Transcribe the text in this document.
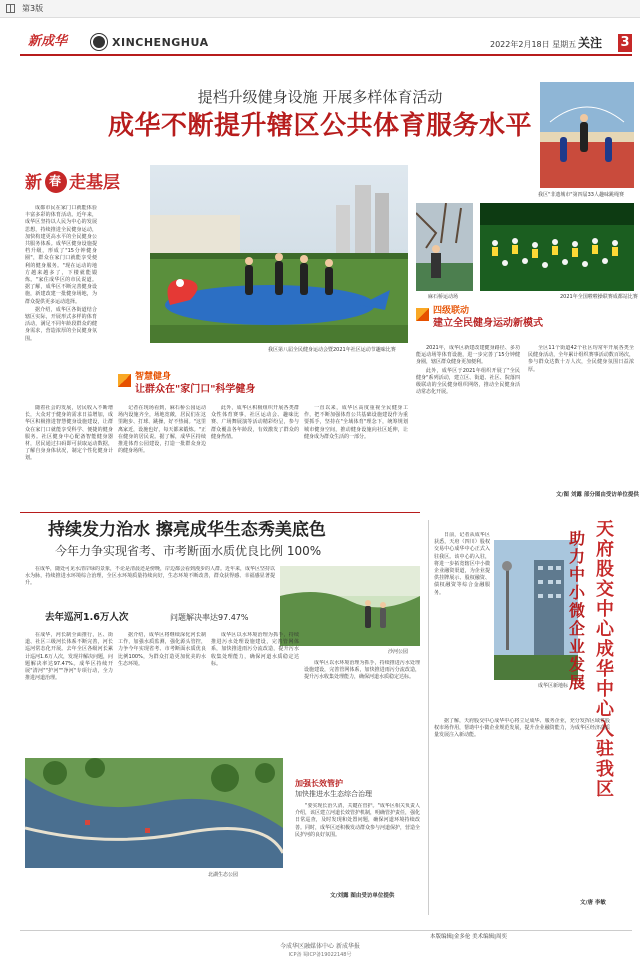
第3版
新成华	XINCHENGHUA	2022年2月18日 星期五 关注 3
提档升级健身设施 开展多样体育活动
成华不断提升辖区公共体育服务水平
新
春 走基层

成都市民在家门口就能体验丰富多彩的体育活动。近年来，成华区坚持以人民为中心的发展思想，持续推进全民健身运动，加快构建更高水平的全民健身公共服务体系。成华区健身设施提档升级，形成了"15分钟健身圈"，群众在家门口就能享受便利的健身服务。"现在运动的地方越来越多了，下楼就能锻炼。"家住成华区的市民说道。据了解，成华区不断完善健身设施，新建改建一批健身场地，为群众提供更多运动选择。

据介绍，成华区各街道结合辖区实际，开展形式多样的体育活动，满足不同年龄段群众的健身需求，营造浓厚的全民健身氛围。

我区第八届全民健身运动会暨2021年社区运动节趣味比赛
我区"非遗城市"第四届33人趣味跳绳赛
麻石桥运动场	2021年全国啦啦操联赛成都站比赛
智慧健身
让群众在"家门口"科学健身

随着社会的发展，居民收入不断增长，大众对于健身的需求日益增加，成华区积极推进智慧健身设施建设，让群众在家门口就能享受科学、便捷的健身服务。社区健身中心配备智能健身器材，居民通过扫码即可获取运动数据，了解自身身体状况，制定个性化健身计划。

记者在现场看到，麻石桥公园运动场内设施齐全，场地宽敞，居民们在这里跑步、打球、跳操，好不热闹。"这里离家近，设施也好，每天都来锻炼。"正在健身的居民说。据了解，成华区持续推进体育公园建设，打造一批群众身边的健身场所。

此外，成华区积极组织开展各类群众性体育赛事，社区运动会、趣味比赛、广场舞展演等活动精彩纷呈，参与群众覆盖各年龄段，有效激发了群众的健身热情。

一直以来，成华区高度重视全民健身工作，把不断加强体育公共基础设施建设作为重要抓手，坚持在"全域体育"理念下，统筹规划城市健身空间，推动健身设施向社区延伸，让健身成为群众生活的一部分。

2021年，成华区新建改建健身路径、多功能运动场等体育设施，进一步完善了15分钟健身圈，辖区群众健身更加便利。

此外，成华区于2021年组织开展了"全民健身"系列活动，建立区、街道、社区、院落四级联动的全民健身组织网络，推动全民健身活动常态化开展。

四级联动
建立全民健身运动新模式

全区11个街道42个社区均常年开展各类全民健身活动，全年累计组织赛事活动数百场次，参与群众达数十万人次，全民健身氛围日益浓厚。

文/图 刘露 部分图由受访单位提供
持续发力治水 擦亮成华生态秀美底色
今年力争实现省考、市考断面水质优良比例 100%

在成华，随处可见水清岸绿的景象，不论是清晨还是傍晚，岸边都会看到漫步的人群。近年来，成华区坚持以水为脉，持续推进水环境综合治理，全区水环境质量持续向好，生态环境不断改善，群众获得感、幸福感显著提升。

沙河公园
去年巡河1.6万人次	问题解决率达97.47%

在成华，河长制全面推行，区、街道、社区三级河长体系不断完善，河长巡河常态化开展。去年全区各级河长累计巡河1.6万人次，发现并解决问题，问题解决率达97.47%。成华区持续开展"清河""护河""净河"专项行动，全力推进河道治理。

据介绍，成华区将继续深化河长制工作，加强水质监测，强化源头管控，力争今年实现省考、市考断面水质优良比例100%，为群众打造更加优美的水生态环境。

成华区以水环境治理为抓手，持续推进污水处理设施建设，完善管网体系，加快推进雨污分流改造，提升污水收集处理能力，确保河道水质稳定达标。	成华区以水环境治理为抓手，持续推进污水处理设施建设，完善管网体系，加快推进雨污分流改造，提升污水收集处理能力，确保河道水质稳定达标。

北湖生态公园
加强长效管护
加快推进水生态综合治理

"要实现长治久清，关键在管护。"成华区相关负责人介绍，该区建立河道长效管护机制，明确管护责任，强化日常巡查，及时发现和处置问题，确保河道环境持续改善。同时，成华区还积极发动群众参与河道保护，营造全民护河的良好氛围。

文/刘露 图由受访单位提供

日前，记者从成华区获悉，天府（四川）股权交易中心成华中心正式入驻我区。该中心的入驻，将进一步拓宽辖区中小微企业融资渠道，为企业提供挂牌展示、股权融资、债权融资等综合金融服务。

成华区新地标
天府股交中心成华中心入驻我区
助力中小微企业发展

据了解，天府股交中心成华中心将立足成华、服务企业，充分发挥区域性股权市场作用，帮助中小微企业规范发展，提升企业融资能力，为成华区经济高质量发展注入新动能。

文/唐 李敏
本版编辑|金多伦 美术编辑|周奕
今成华区融媒体中心 新成华报
ICP备 蜀ICP备19022148号
